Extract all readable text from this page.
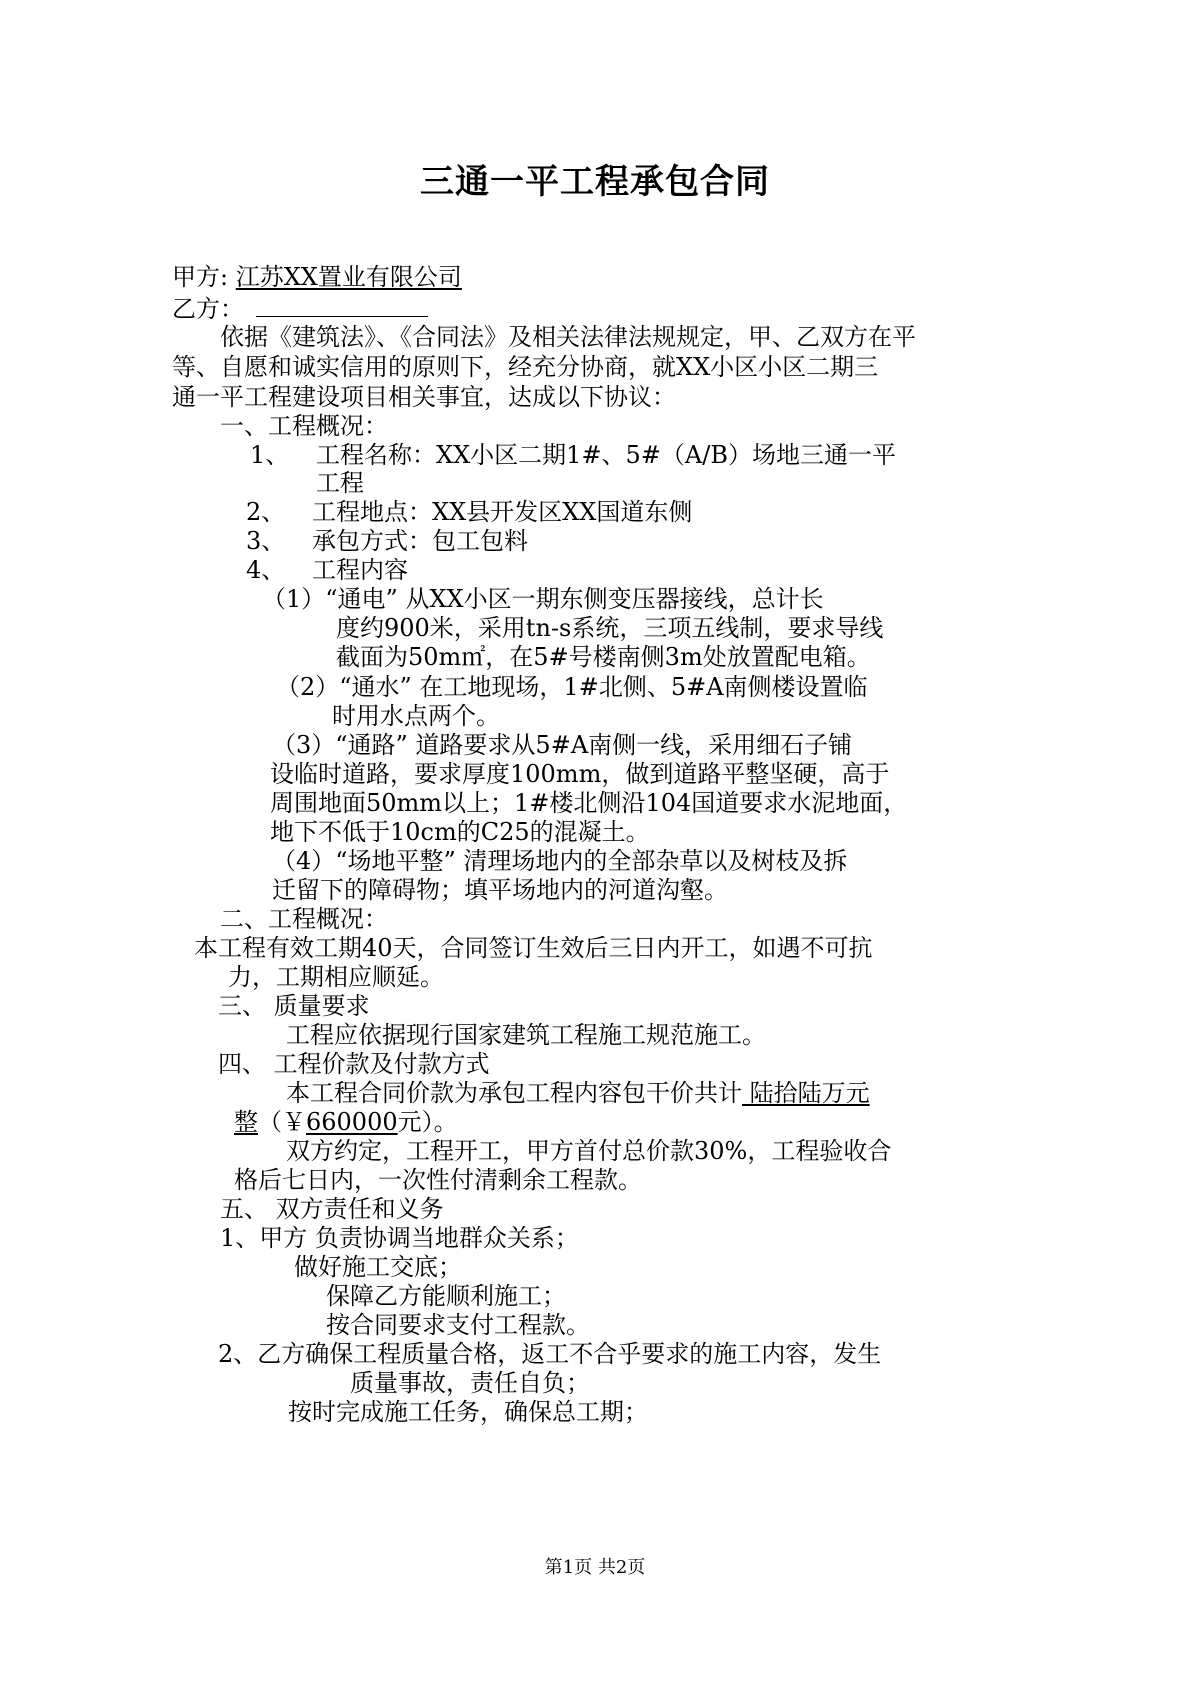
三通一平工程承包合同
甲方: 江苏XX置业有限公司
乙方：
依据《建筑法》、《合同法》及相关法律法规规定，甲、乙双方在平
等、自愿和诚实信用的原则下，经充分协商，就XX小区小区二期三
通一平工程建设项目相关事宜，达成以下协议：
一、工程概况：
1、 工程名称：XX小区二期1#、5#（A/B）场地三通一平
工程
2、 工程地点：XX县开发区XX国道东侧
3、 承包方式：包工包料
4、 工程内容
（1）“通电” 从XX小区一期东侧变压器接线，总计长
度约900米，采用tn-s系统，三项五线制，要求导线
截面为50m㎡，在5#号楼南侧3m处放置配电箱。
（2）“通水” 在工地现场，1#北侧、5#A南侧楼设置临
时用水点两个。
（3）“通路” 道路要求从5#A南侧一线，采用细石子铺
设临时道路，要求厚度100mm，做到道路平整坚硬，高于
周围地面50mm以上；1#楼北侧沿104国道要求水泥地面，
地下不低于10cm的C25的混凝土。
（4）“场地平整” 清理场地内的全部杂草以及树枝及拆
迁留下的障碍物；填平场地内的河道沟壑。
二、工程概况：
本工程有效工期40天，合同签订生效后三日内开工，如遇不可抗
力，工期相应顺延。
三、 质量要求
工程应依据现行国家建筑工程施工规范施工。
四、 工程价款及付款方式
本工程合同价款为承包工程内容包干价共计 陆拾陆万元
整（￥660000元）。
双方约定，工程开工，甲方首付总价款30%，工程验收合
格后七日内，一次性付清剩余工程款。
五、 双方责任和义务
1、甲方 负责协调当地群众关系；
做好施工交底；
保障乙方能顺利施工；
按合同要求支付工程款。
2、乙方确保工程质量合格，返工不合乎要求的施工内容，发生
质量事故，责任自负；
按时完成施工任务，确保总工期；
第1页 共2页
